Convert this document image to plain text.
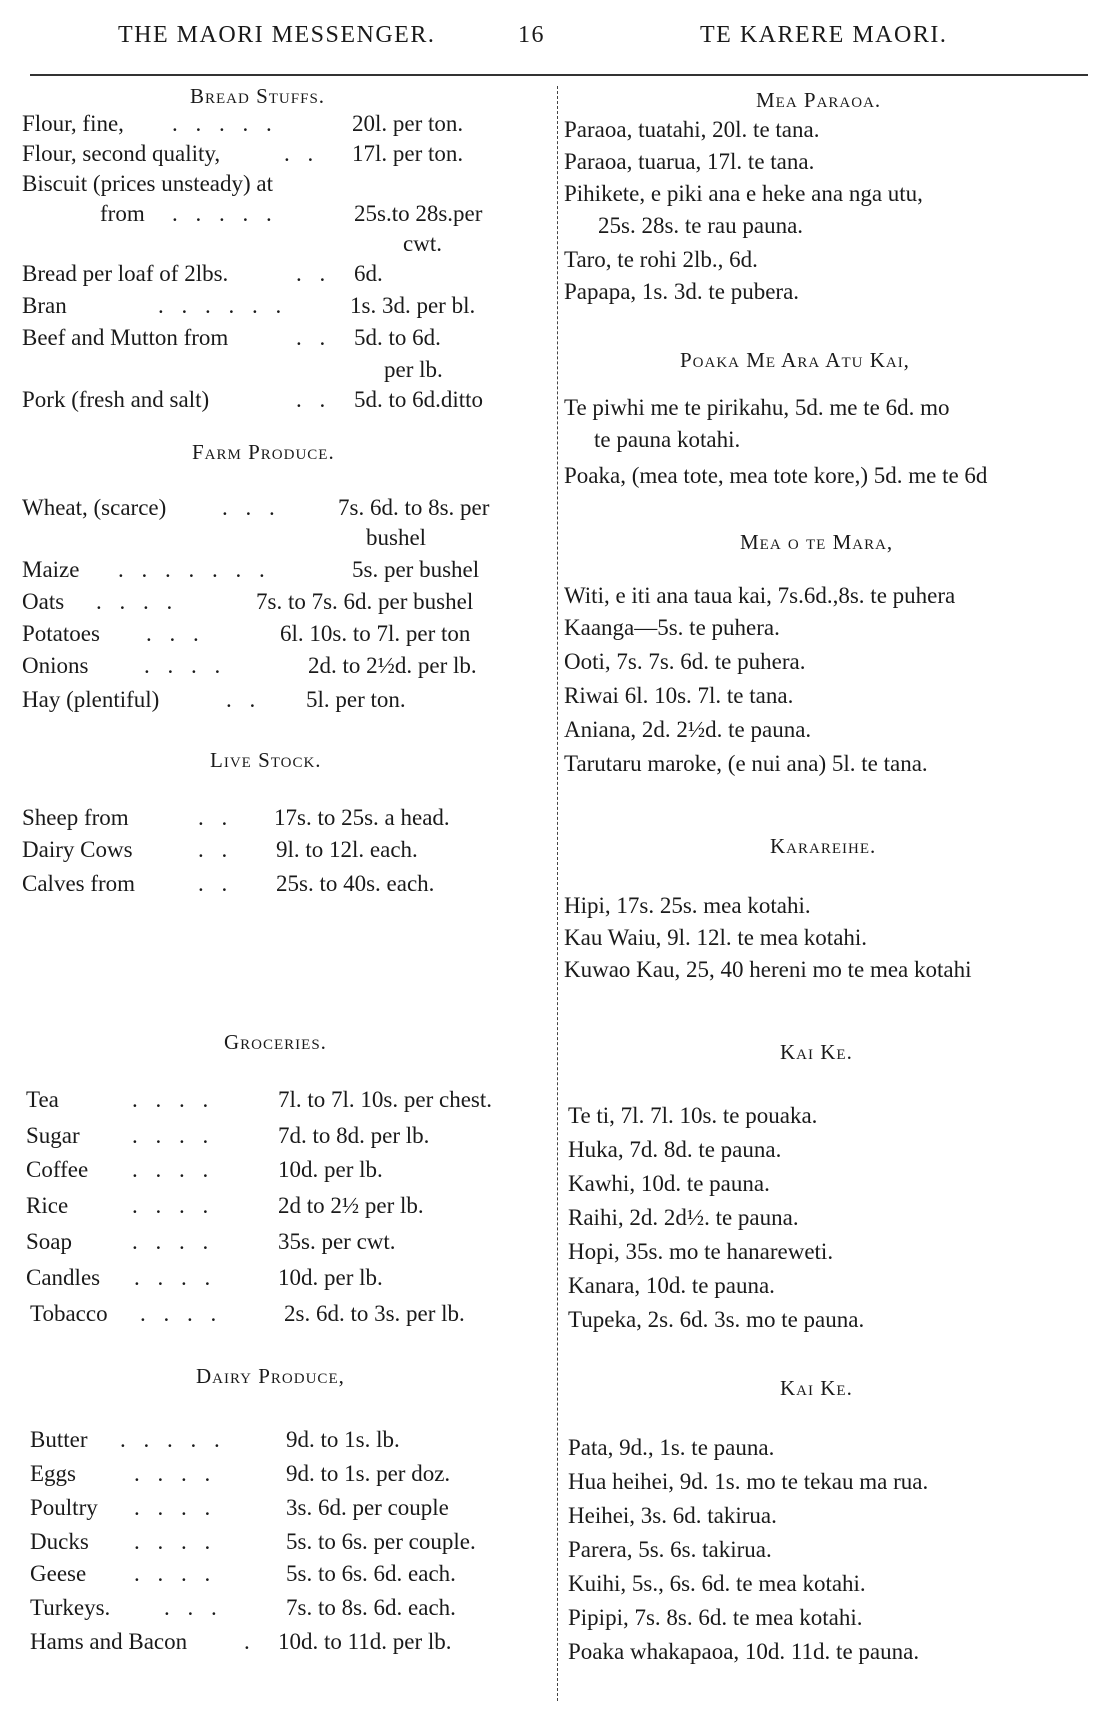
THE MAORI MESSENGER.	16	TE KARERE MAORI.
Bread Stuffs.
Flour, fine, . . . . .	20l. per ton.
Flour, second quality,	. . 17l. per ton.
Biscuit (prices unsteady) at
from . . . . .	25s.to 28s.per
cwt.
Bread per loaf of 2lbs.	. . 6d.
Bran	. . . . . .	1s. 3d. per bl.
Beef and Mutton from	. . 5d. to 6d.
per lb.
Pork (fresh and salt)	. . 5d. to 6d.ditto
Farm Produce.
Wheat, (scarce) . . . 7s. 6d. to 8s. per
bushel
Maize . . . . . . .	5s. per bushel
Oats . . . .	7s. to 7s. 6d. per bushel
Potatoes . . .	6l. 10s. to 7l. per ton
Onions . . . .	2d. to 2½d. per lb.
Hay (plentiful)	. . 5l. per ton.
Live Stock.
Sheep from	. . 17s. to 25s. a head.
Dairy Cows	. . 9l. to 12l. each.
Calves from	. . 25s. to 40s. each.
Groceries.
Tea	. . . .	7l. to 7l. 10s. per chest.
Sugar . . . .	7d. to 8d. per lb.
Coffee . . . .	10d. per lb.
Rice	. . . .	2d to 2½ per lb.
Soap	. . . .	35s. per cwt.
Candles . . . .	10d. per lb.
Tobacco . . . .	2s. 6d. to 3s. per lb.
Dairy Produce,
Butter . . . . .	9d. to 1s. lb.
Eggs	. . . .	9d. to 1s. per doz.
Poultry . . . .	3s. 6d. per couple
Ducks . . . .	5s. to 6s. per couple.
Geese . . . .	5s. to 6s. 6d. each.
Turkeys. . . .	7s. to 8s. 6d. each.
Hams and Bacon . 10d. to 11d. per lb.
Mea Paraoa.
Paraoa, tuatahi, 20l. te tana.
Paraoa, tuarua, 17l. te tana.
Pihikete, e piki ana e heke ana nga utu,
25s. 28s. te rau pauna.
Taro, te rohi 2lb., 6d.
Papapa, 1s. 3d. te pubera.
Poaka Me Ara Atu Kai,
Te piwhi me te pirikahu, 5d. me te 6d. mo
te pauna kotahi.
Poaka, (mea tote, mea tote kore,) 5d. me te 6d
Mea o te Mara,
Witi, e iti ana taua kai, 7s.6d.,8s. te puhera
Kaanga—5s. te puhera.
Ooti, 7s. 7s. 6d. te puhera.
Riwai 6l. 10s. 7l. te tana.
Aniana, 2d. 2½d. te pauna.
Tarutaru maroke, (e nui ana) 5l. te tana.
Karareihe.
Hipi, 17s. 25s. mea kotahi.
Kau Waiu, 9l. 12l. te mea kotahi.
Kuwao Kau, 25, 40 hereni mo te mea kotahi
Kai Ke.
Te ti, 7l. 7l. 10s. te pouaka.
Huka, 7d. 8d. te pauna.
Kawhi, 10d. te pauna.
Raihi, 2d. 2d½. te pauna.
Hopi, 35s. mo te hanareweti.
Kanara, 10d. te pauna.
Tupeka, 2s. 6d. 3s. mo te pauna.
Kai Ke.
Pata, 9d., 1s. te pauna.
Hua heihei, 9d. 1s. mo te tekau ma rua.
Heihei, 3s. 6d. takirua.
Parera, 5s. 6s. takirua.
Kuihi, 5s., 6s. 6d. te mea kotahi.
Pipipi, 7s. 8s. 6d. te mea kotahi.
Poaka whakapaoa, 10d. 11d. te pauna.
